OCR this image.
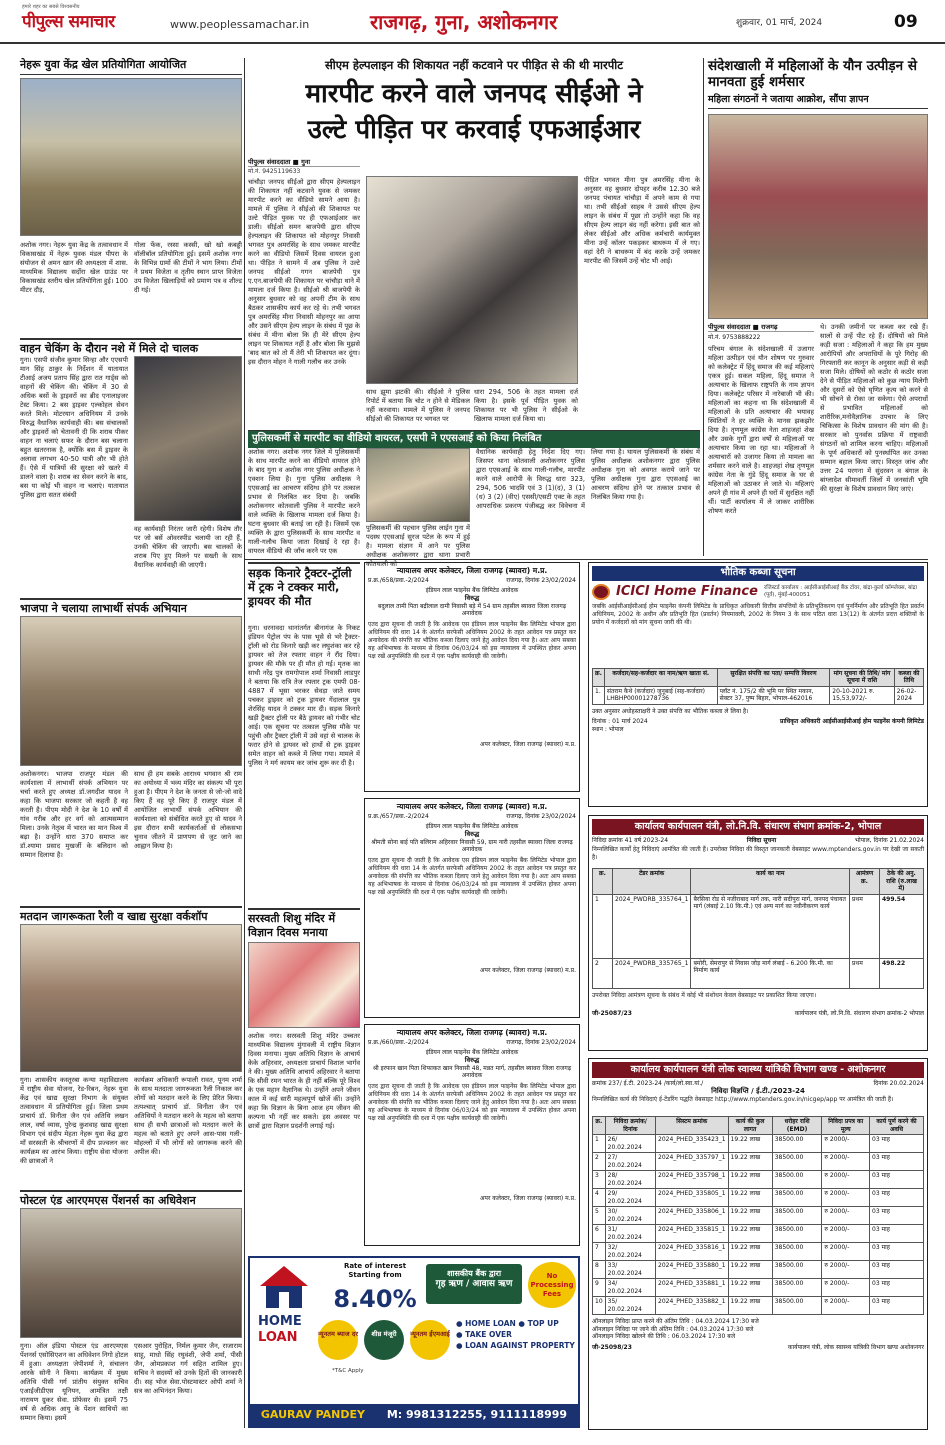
हमारे शहर का सबसे विश्वसनीय
पीपुल्स समाचार	www.peoplessamachar.in	राजगढ़, गुना, अशोकनगर	शुक्रवार, 01 मार्च, 2024	09
नेहरू युवा केंद्र खेल प्रतियोगिता आयोजित
अशोक नगर। नेहरू युवा केंद्र के तत्वावधान में विकासखंड में नेहरू युवक मंडल पीपरा के संयोजन से अमन खान की अध्यक्षता में शास. माध्यमिक विद्यालय सर्दोरा खेल ग्राउंड पर विकासखंड स्तरीय खेल प्रतियोगिता हुई। 100 मीटर दौड़,
गोला फेंक, रस्सा कस्सी, खो खो कबड्डी वॉलीबॉल प्रतियोगिता हुई। इसमें अशोक नगर के विभिन्न ग्रामों की टीमों ने भाग लिया। टीमों ने प्रथम विजेता व तृतीय स्थान प्राप्त विजेता उप विजेता खिलाड़ियों को प्रमाण पत्र व शील्ड दी गई।
वाहन चेकिंग के दौरान नशे में मिले दो चालक
गुना। एसपी संजीव कुमार सिन्हा और एएसपी मान सिंह ठाकुर के निर्देशन में यातायात टीआई अजय प्रताप सिंह द्वारा रात गार्ड्स को वाहनों की चेकिंग की। चेकिंग में 30 से अधिक बसों के ड्राइवरों का ब्रीद एनालाइजर टेस्ट किया। 2 बस ड्राइवर एल्कोहल सेवन करते मिले। मोटरयान अधिनियम में उनके विरुद्ध वैधानिक कार्यवाही की। बस संचालकों और ड्राइवरों को चेतावनी दी कि शराब पीकर वाहन ना चलाएं सफर के दौरान बस चलाना बहुत खतरनाक है, क्योंकि बस में ड्राइवर के अलावा लगभग 40-50 यात्री और भी होते हैं। ऐसे में यात्रियों की सुरक्षा को खतरे में डालने वाला है। शराब का सेवन करने के बाद, बस या कोई भी वाहन ना चलाएं। यातायात पुलिस द्वारा सतत संबंधी
वह कार्यवाही निरंतर जारी रहेगी। विशेष तौर पर जो बसें ओवरस्पीड चलायी जा रही हैं, उनकी चेकिंग की जाएगी। बस चालकों के शराब पिए हुए मिलने पर सख्ती के साथ वैधानिक कार्यवाही की जाएगी।
भाजपा ने चलाया लाभार्थी संपर्क अभियान
अशोकनगर। भाजपा राजपुर मंडल की कार्यशाला में लाभार्थी संपर्क अभियान पर चर्चा करते हुए अध्यक्ष डॉ.जगदीश यादव ने कहा कि भाजपा सरकार जो कहती है वह करती है। पीएम मोदी ने देश के 10 वर्षों में गांव गरीब और हर वर्ग को आत्मसम्मान मिला। उनके नेतृत्व में भारत का मान विश्व में बढ़ा है। उन्होंने धारा 370 समाप्त कर डॉ.श्यामा प्रसाद मुखर्जी के बलिदान को सम्मान दिलाया है।
साथ ही हम सबके आराध्य भगवान श्री राम का अयोध्या में भव्य मंदिर का संकल्प भी पूरा हुआ है। पीएम ने देश के जनता से जो-जो वादे किए हैं वह पूरे किए हैं राजपुर मंडल में आयोजित लाभार्थी संपर्क अभियान की कार्यशाला को संबोधित करते हुए वो यादव ने इस दौरान सभी कार्यकर्ताओं से लोकसभा चुनाव जीतने में प्राणपण से जुट जाने का आह्वान किया है।
मतदान जागरूकता रैली व खाद्य सुरक्षा वर्कशॉप
गुना। शासकीय कस्तूरबा कन्या महाविद्यालय में राष्ट्रीय सेवा योजना, रेड-रिबन, नेहरू युवा केंद्र एवं खाद्य सुरक्षा निभाग के संयुक्त तत्वावधान में प्रतियोगिता हुई। जिला प्रथम प्राचार्य डॉ. विनीता जैन एवं अतिथि लखन लाल, वर्षा व्यास, पुरेन्द्र कुशवाह खाद्य सुरक्षा विभाग एवं संदीप मेहता नेहरू युवा केंद्र द्वारा माँ सरस्वती के श्रीचरणों में दीप प्रज्वलन कर कार्यक्रम का आरंभ किया। राष्ट्रीय सेवा योजना की छात्राओं ने
कार्यक्रम अधिकारी रूपाली रावत, पूनम शर्मा के साथ मतदाता जागरूकता रैली निकाल कर लोगों को मतदान करने के लिए प्रेरित किया। तत्पश्चात् प्राचार्य डॉ. विनीता जैन एवं अतिथियों ने मतदान करने के महत्व को बताया साथ ही सभी छात्राओं को मतदान करने के महत्व को बताते हुए अपने आस-पास गली-मोहल्लों में भी लोगों को जागरूक करने की अपील की।
पोस्टल एंड आरएमएस पेंशनर्स का अधिवेशन
गुना। ऑल इंडिया पोस्टल एंड आरएमएस पेंशनर्स एसोसिएशन का अधिवेशन निगो होटल में हुआ। अध्यक्षता जेपीशर्मा ने, संचालन आरके सोनी ने किया। कार्यक्रम में मुख्य अतिथि पीसी गर्ग प्रांतीय संयुक्त सचिव एआईजीडीएस यूनियन, आमंत्रित तक्षी नारायण ग्रुकर सेवा. प्रॉफेसर से। इसमें 75 वर्ष से अधिक आयु के पेंशन साथियों का सम्मान किया। इसमें
एसआर पुरोहित, निर्मल कुमार जैन, राजाराम साहू, माधो सिंह रघुवंशी, जेपी शर्मा, पीसी जैन, ओमप्रकाश गर्ग सहित शामिल हुए। सचिव ने सदस्यों को उनके हितों की जानकारी दी। सह भोज सेवा.पोस्टमास्टर ओपी शर्मा ने सत्र का अभिनंदन किया।
सीएम हेल्पलाइन की शिकायत नहीं कटवाने पर पीड़ित से की थी मारपीट
मारपीट करने वाले जनपद सीईओ ने
उल्टे पीड़ित पर करवाई एफआईआर
पीपुल्स संवाददाता ■ गुना
मो.नं. 9425119633
चांचौड़ा जनपद सीईओ द्वारा सीएम हेल्पलाइन की शिकायत नहीं कटवाने युवक से जमकर मारपीट करने का वीडियो सामने आया है। मामले में पुलिस ने सीईओ की शिकायत पर उल्टे पीड़ित युवक पर ही एफआईआर कर डाली। सीईओ समन बाजपेयी द्वारा सीएम हेल्पलाइन की शिकायत को मोहनपुर निवासी भगवत पुत्र अमरसिंह के साथ जमकर मारपीट करने का वीडियो जिसमें दिवस वायरल हुआ था। पीड़ित ने सामने में अब पुलिस ने उल्टे जनपद सीईओ गगन बाजपेयी पुत्र ए.एन.बाजपेयी की शिकायत पर चांचौड़ा थाने में मामला दर्ज किया है। सीईओ श्री बाजपेयी के अनुसार बुधवार को वह अपनी टीम के साथ बैठकर शासकीय कार्य कर रहे थे। तभी भगवत पुत्र अमरसिंह मीना निवासी मोहनपुर का आया और उसने सीएम हेल्प लाइन के संबंध में पूछ के संबंध में मीना बोला कि ही मेरे सीएम हेल्प लाइन पर शिकायत नहीं है और बोला कि मुझसे 'बाद बात को तो मैं तेरी भी शिकायत कर दूंगा। इस दौरान मोहन ने गाली गलौच कर उनके
साथ झूमा झटकी की। सीईओ ने पुलिस रिपोर्ट में बताया कि चोट न होने से मेडिकल नहीं करवाया। मामले में पुलिस ने जनपद सीईओ की शिकायत पर भगवत पर
धारा 294, 506 के तहत मामला दर्ज किया है। इसके पूर्व पीड़ित युवक को शिकायत पर भी पुलिस ने सीईओ के खिलाफ मामला दर्ज किया था।
पीड़ित भगवत मीना पुत्र अमरसिंह मीना के अनुसार वह बुधवार दोपहर करीब 12.30 बजे जनपद पंचायत चांचौड़ा में अपने काम से गया था। तभी सीईओ साहब ने उससे सीएम हेल्प लाइन के संबंध में पूछा तो उन्होंने कहा कि वह सीएम हेल्प लाइन बंद नहीं करेगा। इसी बात को लेकर सीईओ और अधिक कर्मचारी कार्यमुक्त मीना उन्हें कॉलर पकड़कर बाथरूम में ले गए। वहां देरी ने बाथरूम में बंद करके उन्हें जमकर मारपीट की जिसमें उन्हें चोट भी आई।
पुलिसकर्मी से मारपीट का वीडियो वायरल, एसपी ने एएसआई को किया निलंबित
अशोक नगर। अशोक नगर जिले में पुलिसकर्मी के साथ मारपीट करने का वीडियो वायरल होने के बाद गुना व अशोक नगर पुलिस अधीक्षक ने एक्शन लिया है। गुना पुलिस अधीक्षक ने एएसआई का आचरण संदिग्ध होने पर तत्काल प्रभाव से निलंबित कर दिया है। जबकि अशोकनगर कोतवाली पुलिस ने मारपीट करने वाले व्यक्ति के खिलाफ मामला दर्ज किया है। घटना बुधवार की बताई जा रही है। जिसमें एक व्यक्ति के द्वारा पुलिसकर्मी के साथ मारपीट व गाली-गलौच किया जाता दिखाई दे रहा है। वायरल वीडियो की जाँच करने पर एक
पुलिसकर्मी की पहचान पुलिस लाईन गुना में पदस्थ एएसआई सुरज पटेल के रूप में हुई है। मामला संज्ञान में आने पर पुलिस अधीक्षक अशोकनगर द्वारा थाना प्रभारी कोतवाली को
वैधानिक कार्यवाही हेतु निर्देश दिए गए। जिसपर थाना कोतवाली अशोकनगर पुलिस द्वारा एएसआई के साथ गाली-गलौच, मारपीट करने वाले आरोपी के विरुद्ध धारा 323, 294, 506 भादवि एवं 3 (1)(द), 3 (1)(ध) 3 (2) (वीए) एससी/एसटी एक्ट के तहत आपराधिक प्रकरण पंजीबद्ध कर विवेचना में लिया गया है। घायल पुलिसकर्मी के संबंध में पुलिस अधीक्षक अशोकनगर द्वारा पुलिस अधीक्षक गुना को अवगत कराये जाने पर पुलिस अधीक्षक गुना द्वारा एएसआई का आचरण संदिग्ध होने पर तत्काल प्रभाव से निलंबित किया गया है।
संदेशखाली में महिलाओं के यौन उत्पीड़न से मानवता हुई शर्मसार
महिला संगठनों ने जताया आक्रोश, सौंपा ज्ञापन
पीपुल्स संवाददाता ■ राजगढ़
मो.नं. 9753888222
परिचम बंगाल के संदेशखाली में उजागर महिला उत्पीड़न एवं यौन शोषण पर गुरुवार को कलेक्ट्रेट में हिंदू समाज की कई महिलाएं एकत्र हुई। सकल महिला, हिंदू समाज ने अत्याचार के खिलाफ राष्ट्रपति के नाम ज्ञापन दिया। कलेक्ट्रेट परिसर में नारेबाजी भी की। महिलाओं का कहना था कि संदेशखाली में महिलाओं के प्रति अत्याचार की भयावह स्थितियों ने हर व्यक्ति के मानस झकझोर दिया है। तृणमूल कांग्रेस नेता शाहजहां शेख और उसके गुर्गों द्वारा वर्षों से महिलाओं पर अत्याचार किया जा रहा था। महिलाओं ने अत्याचारों को उजागर किया तो मामला का शर्मसार करने वाले है। शाहजहां शेख तृणमूल कांग्रेस नेता के गुंडे हिंदू समाज के घर से महिलाओं को उठाकर ले जाते थे। महिलाएं अपने ही गांव में अपने ही घरों में सुरक्षित नहीं थीं। पार्टी कार्यालय में ले जाकर शारीरिक शोषण करते
थे। उनकी जमीनों पर कब्जा कर रखे हैं। सालों से उन्हें पीट रहे हैं। दोषियों को मिले कड़ी सजा : महिलाओं ने कहा कि हम मुख्य आरोपियों और अपराधियों के पूरे गिरोह की गिरफ्तारी कर कानून के अनुसार कड़ी से कड़ी सजा मिले। दोषियों को कठोर से कठोर सजा देने से पीड़ित महिलाओं को कुछ न्याय मिलेगी और दूसरों को ऐसे घृणित कृत्य को करने से भी सोचने से रोका जा सकेगा। ऐसे अपराधों से प्रभावित महिलाओं को शारीरिक,मनोवैज्ञानिक उपचार के लिए चिकित्सा के विशेष प्रावधान की मांग की है। सरकार को पुनर्वास प्रक्रिया में राष्ट्रवादी संगठनों को शामिल करना चाहिए। महिलाओं के पूर्ण अधिकारों को पुनर्स्थापित कर उनका सम्मान बहाल किया जाए। विस्तृत जांच और उत्तर 24 परगना में सुंदरवन व बंगाल के बांग्लादेश सीमावर्ती जिलों में जनसांती भूमि की सुरक्षा के विशेष प्रावधान किए जाएं।
सड़क किनारे ट्रैक्टर-ट्रॉली में ट्रक ने टक्कर मारी, ड्रायवर की मौत
गुना। धरनावदा थानांतर्गत बीनागंज के निकट इंडियन पेट्रोल पंप के पास भूसे से भरे ट्रैक्टर-ट्रॉली को रोड किनारे खड़ी कर लघुशंका कर रहे ड्रायवर को तेज रफ्तार वाहन ने रौंद दिया। ड्रायवर की मौके पर ही मौत हो गई। मृतक का साथी नरेंद्र पुत्र रामगोपाल शर्मा निवासी लाडपुर ने बताया कि रात्रि तेज रफ्तार ट्रक एमपी 08-4887 में भूसा भरकर सेवड़ा जाते समय पचकर ड्राइवर को ट्रक ड्रायवर गेंदालाल पुत्र शेरसिंह यादव ने टक्कर मार दी। सड़क किनारे खड़ी ट्रैक्टर ट्रॉली पर बैठे ड्रायवर को गंभीर चोट आई। एक सूचना पर तत्काल पुलिस मौके पर पहुंची और ट्रैक्टर ट्रॉली में उसे वहां से चालक के फरार होने से ड्रायवर को हाथों से ट्रक ड्राइवर समेत वाहन को कब्जे में लिया गया। मामले में पुलिस ने मर्ग कायम कर जांच शुरू कर दी है।
सरस्वती शिशु मंदिर में विज्ञान दिवस मनाया
अशोक नगर। सरस्वती शिशु मंदिर उच्चतर माध्यमिक विद्यालय मुंगावली में राष्ट्रीय विज्ञान दिवस मनाया। मुख्य अतिथि विज्ञान के आचार्य केके अहिरवार, अध्यक्षता प्राचार्य विशाल भार्गव ने की। मुख्य अतिथि आचार्य अहिरवार ने बताया कि सीवी रमन भारत के ही नहीं बल्कि पूरे विश्व के एक महान वैज्ञानिक थे। उन्होंने अपने जीवन काल में कई सारी महत्वपूर्ण खोजें कीं। उन्होंने कहा कि विज्ञान के बिना आज हम जीवन की कल्पना भी नहीं कर सकते। इस अवसर पर छात्रों द्वारा विज्ञान प्रदर्शनी लगाई गई।
न्यायालय अपर कलेक्टर, जिला राजगढ़ (ब्यावरा) म.प्र.
प्र.क्र./658/प्रवा.-2/2024	राजगढ़, दिनांक 23/02/2024
इंडियन लाल फाइनेंस बैंक लिमिटेड आवेदक
विरुद्ध
बदुलाल तामी पिता बद्रीलाल दामी निवासी बड़े में 54 ग्राम तहसील ब्यावरा जिला राजगढ़ अनावेदक
एतद द्वारा सूचना दी जाती है कि आवेदक एस इंडियन लाल फाइनेंस बैंक लिमिटेड भोपाल द्वारा अधिनियम की धारा 14 के अंतर्गत सरफेसी अधिनियम 2002 के तहत आवेदन पत्र प्रस्तुत कर अनावेदक की संपत्ति का भौतिक कब्जा दिलाए जाने हेतु आवेदन दिया गया है। अतः आप सबका यह अभिभाषक के माध्यम से दिनांक 06/03/24 को इस न्यायालय में उपस्थित होकर अपना पक्ष रखें अनुपस्थिति की दशा में एक पक्षीय कार्यवाही की जावेगी।
अपर कलेक्टर, जिला राजगढ़ (ब्यावरा) म.प्र.
न्यायालय अपर कलेक्टर, जिला राजगढ़ (ब्यावरा) म.प्र.
प्र.क्र./657/प्रवा.-2/2024	राजगढ़, दिनांक 23/02/2024
इंडियन लाल फाइनेंस बैंक लिमिटेड आवेदक
विरुद्ध
श्रीमती सोना बाई पति बलिराम अहिरवार निवासी 59, ग्राम नारी तहसील ब्यावरा जिला राजगढ़ अनावेदक
एतद द्वारा सूचना दी जाती है कि आवेदक एस इंडियन लाल फाइनेंस बैंक लिमिटेड भोपाल द्वारा अधिनियम की धारा 14 के अंतर्गत सरफेसी अधिनियम 2002 के तहत आवेदन पत्र प्रस्तुत कर अनावेदक की संपत्ति का भौतिक कब्जा दिलाए जाने हेतु आवेदन दिया गया है। अतः आप सबका यह अभिभाषक के माध्यम से दिनांक 06/03/24 को इस न्यायालय में उपस्थित होकर अपना पक्ष रखें अनुपस्थिति की दशा में एक पक्षीय कार्यवाही की जावेगी।
अपर कलेक्टर, जिला राजगढ़ (ब्यावरा) म.प्र.
न्यायालय अपर कलेक्टर, जिला राजगढ़ (ब्यावरा) म.प्र.
प्र.क्र./660/प्रवा.-2/2024	राजगढ़, दिनांक 23/02/2024
इंडियन लाल फाइनेंस बैंक लिमिटेड आवेदक
विरुद्ध
श्री इरफान खान पिता शिफाकत खान निवासी 48, मन्नत मार्ग, तहसील ब्यावरा जिला राजगढ़ अनावेदक
एतद द्वारा सूचना दी जाती है कि आवेदक एस इंडियन लाल फाइनेंस बैंक लिमिटेड भोपाल द्वारा अधिनियम की धारा 14 के अंतर्गत सरफेसी अधिनियम 2002 के तहत आवेदन पत्र प्रस्तुत कर अनावेदक की संपत्ति का भौतिक कब्जा दिलाए जाने हेतु आवेदन दिया गया है। अतः आप सबका यह अभिभाषक के माध्यम से दिनांक 06/03/24 को इस न्यायालय में उपस्थित होकर अपना पक्ष रखें अनुपस्थिति की दशा में एक पक्षीय कार्यवाही की जावेगी।
अपर कलेक्टर, जिला राजगढ़ (ब्यावरा) म.प्र.
भौतिक कब्जा सूचना
ICICI Home Finance रजिस्टर्ड कार्यालय : आईसीआईसीआई बैंक टॉवर, बांद्रा-कुर्ला कॉम्प्लेक्स, बांद्रा (पूर्व), मुंबई-400051
जबकि आईसीआईसीआई होम फाइनेंस कंपनी लिमिटेड के प्राधिकृत अधिकारी वित्तीय संपत्तियों के प्रतिभूतिकरण एवं पुनर्निर्माण और प्रतिभूति हित प्रवर्तन अधिनियम, 2002 के अधीन और प्रतिभूति हित (प्रवर्तन) नियमावली, 2002 के नियम 3 के साथ पठित धारा 13(12) के अंतर्गत प्रदत्त शक्तियों के प्रयोग में कर्जदारों को मांग सूचना जारी की थी।
क्र.	कर्जदार/सह-कर्जदार का नाम/ऋण खाता सं.	सुरक्षित संपत्ति का पता/ सम्पत्ति विवरण	मांग सूचना की तिथि/ मांग सूचना में राशि	कब्जा की तिथि
1.	संतराम कैथे (कर्जदार) जुनूबाई (सह-कर्जदार) LHBHP00001278736	प्लॉट नं. 175/2 की भूमि पर स्थित मकान, सेक्टर 37, पुष्प बिहार, भोपाल-462016	20-10-2021 रु. 15,53,972/-	26-02-2024
उक्त अनुसार अधोहस्ताक्षरी ने उक्त संपत्ति का भौतिक कब्जा ले लिया है।
दिनांक : 01 मार्च 2024
स्थान : भोपाल
प्राधिकृत अधिकारी आईसीआईसीआई होम फाइनेंस कंपनी लिमिटेड
कार्यालय कार्यपालन यंत्री, लो.नि.वि. संधारण संभाग क्रमांक-2, भोपाल
निविदा क्रमांक 41 वर्ष 2023-24	निविदा सूचना	भोपाल, दिनांक 21.02.2024
निम्नलिखित कार्यों हेतु निविदाएं आमंत्रित की जाती हैं। उपरोक्त निविदा की विस्तृत जानकारी वेबसाइट www.mptenders.gov.in पर देखी जा सकती है।
क्र.	टेंडर क्रमांक	कार्य का नाम	आमंत्रण क्र.	ठेके की अनु. राशि (रु.लाख में)
1	2024_PWDRB_335764_1	बैरसिया रोड से नजीराबाद मार्ग तक, नारी सदीपुरा मार्ग, जनपद पंचायत मार्ग (लंबाई 2.10 कि.मी.) एवं अन्य मार्ग का नवीनीकरण कार्य	प्रथम	499.54
2	2024_PWDRB_335765_1	बमोरी, सेमरापुर से निवास जोड़ मार्ग लंबाई - 6.200 कि.मी. का निर्माण कार्य	प्रथम	498.22
उपरोक्त निविदा आमंत्रण सूचना के संबंध में कोई भी संशोधन केवल वेबसाइट पर प्रकाशित किया जाएगा।
जी-25087/23	कार्यपालन यंत्री, लो.नि.वि. संधारण संभाग क्रमांक-2 भोपाल
कार्यालय कार्यपालन यंत्री लोक स्वास्थ्य यांत्रिकी विभाग खण्ड - अशोकनगर
क्रमांक 237/ ई.टी. 2023-24 /कार्य/लो.स्वा.यां./	दिनांक 20.02.2024
निविदा विज्ञप्ति / ई.टी./2023-24
निम्नलिखित कार्य की निविदाएं ई-टेंडरिंग पद्धति वेबसाइट http://www.mptenders.gov.in/nicgep/app पर आमंत्रित की जाती हैं।
क्र.	निविदा क्रमांक/दिनांक	सिस्टम क्रमांक	कार्य की कुल लागत	धरोहर राशि (EMD)	निविदा प्रपत्र का मूल्य	कार्य पूर्ण करने की अवधि
1	26/ 20.02.2024	2024_PHED_335423_1	19.22 लाख	38500.00	रु 2000/-	03 माह
2	27/ 20.02.2024	2024_PHED_335797_1	19.22 लाख	38500.00	रु 2000/-	03 माह
3	28/ 20.02.2024	2024_PHED_335798_1	19.22 लाख	38500.00	रु 2000/-	03 माह
4	29/ 20.02.2024	2024_PHED_335805_1	19.22 लाख	38500.00	रु 2000/-	03 माह
5	30/ 20.02.2024	2024_PHED_335806_1	19.22 लाख	38500.00	रु 2000/-	03 माह
6	31/ 20.02.2024	2024_PHED_335815_1	19.22 लाख	38500.00	रु 2000/-	03 माह
7	32/ 20.02.2024	2024_PHED_335816_1	19.22 लाख	38500.00	रु 2000/-	03 माह
8	33/ 20.02.2024	2024_PHED_335880_1	19.22 लाख	38500.00	रु 2000/-	03 माह
9	34/ 20.02.2024	2024_PHED_335881_1	19.22 लाख	38500.00	रु 2000/-	03 माह
10	35/ 20.02.2024	2024_PHED_335882_1	19.22 लाख	38500.00	रु 2000/-	03 माह
ऑनलाइन निविदा प्राप्त करने की अंतिम तिथि : 04.03.2024 17:30 बजे
ऑनलाइन निविदा पर जाने की अंतिम तिथि : 04.03.2024 17:30 बजे
ऑनलाइन निविदा खोलने की तिथि : 06.03.2024 17:30 बजे
जी-25098/23	कार्यपालन यंत्री, लोक स्वास्थ्य यांत्रिकी विभाग खण्ड अशोकनगर
HOME
LOAN
Rate of interest Starting from
8.40%
*T&C Apply
शासकीय बैंक द्वारा
गृह ऋण / आवास ऋण
No Processing Fees
न्यूनतम ब्याज दर	शीघ्र मंजूरी	न्यूनतम ईएमआई
● HOME LOAN ● TOP UP
● TAKE OVER
● LOAN AGAINST PROPERTY
GAURAV PANDEY M: 9981312255, 9111118999
